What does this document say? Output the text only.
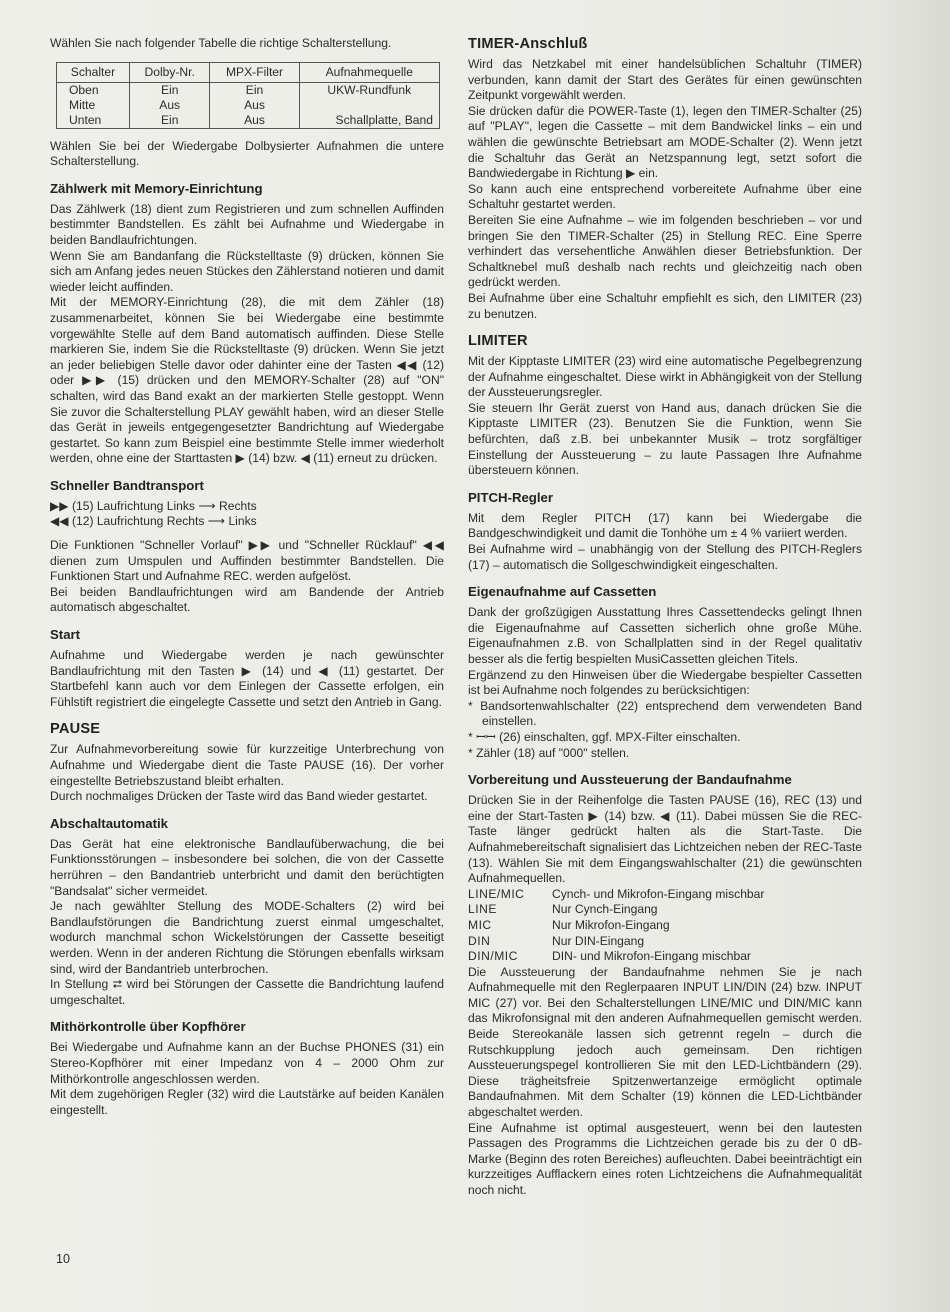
Wählen Sie nach folgender Tabelle die richtige Schalterstellung.

Schalter	Dolby-Nr.	MPX-Filter	Aufnahmequelle
Oben	Ein	Ein	UKW-Rundfunk
Mitte	Aus	Aus	
Unten	Ein	Aus	Schallplatte, Band

Wählen Sie bei der Wiedergabe Dolbysierter Aufnahmen die untere Schalterstellung.

Zählwerk mit Memory-Einrichtung

Das Zählwerk (18) dient zum Registrieren und zum schnellen Auffinden bestimmter Bandstellen. Es zählt bei Aufnahme und Wiedergabe in beiden Bandlaufrichtungen.

Wenn Sie am Bandanfang die Rückstelltaste (9) drücken, können Sie sich am Anfang jedes neuen Stückes den Zählerstand notieren und damit wieder leicht auffinden.

Mit der MEMORY-Einrichtung (28), die mit dem Zähler (18) zusammenarbeitet, können Sie bei Wiedergabe eine bestimmte vorgewählte Stelle auf dem Band automatisch auffinden. Diese Stelle markieren Sie, indem Sie die Rückstelltaste (9) drücken. Wenn Sie jetzt an jeder beliebigen Stelle davor oder dahinter eine der Tasten ◀◀ (12) oder ▶▶ (15) drücken und den MEMORY-Schalter (28) auf "ON" schalten, wird das Band exakt an der markierten Stelle gestoppt. Wenn Sie zuvor die Schalterstellung PLAY gewählt haben, wird an dieser Stelle das Gerät in jeweils entgegengesetzter Bandrichtung auf Wiedergabe gestartet. So kann zum Beispiel eine bestimmte Stelle immer wiederholt werden, ohne eine der Starttasten ▶ (14) bzw. ◀ (11) erneut zu drücken.

Schneller Bandtransport

▶▶ (15) Laufrichtung Links ⟶ Rechts

◀◀ (12) Laufrichtung Rechts ⟶ Links

Die Funktionen "Schneller Vorlauf" ▶▶ und "Schneller Rücklauf" ◀◀ dienen zum Umspulen und Auffinden bestimmter Bandstellen. Die Funktionen Start und Aufnahme REC. werden aufgelöst.

Bei beiden Bandlaufrichtungen wird am Bandende der Antrieb automatisch abgeschaltet.

Start

Aufnahme und Wiedergabe werden je nach gewünschter Bandlaufrichtung mit den Tasten ▶ (14) und ◀ (11) gestartet. Der Startbefehl kann auch vor dem Einlegen der Cassette erfolgen, ein Fühlstift registriert die eingelegte Cassette und setzt den Antrieb in Gang.

PAUSE

Zur Aufnahmevorbereitung sowie für kurzzeitige Unterbrechung von Aufnahme und Wiedergabe dient die Taste PAUSE (16). Der vorher eingestellte Betriebszustand bleibt erhalten.

Durch nochmaliges Drücken der Taste wird das Band wieder gestartet.

Abschaltautomatik

Das Gerät hat eine elektronische Bandlaufüberwachung, die bei Funktionsstörungen – insbesondere bei solchen, die von der Cassette herrühren – den Bandantrieb unterbricht und damit den berüchtigten "Bandsalat" sicher vermeidet.

Je nach gewählter Stellung des MODE-Schalters (2) wird bei Bandlaufstörungen die Bandrichtung zuerst einmal umgeschaltet, wodurch manchmal schon Wickelstörungen der Cassette beseitigt werden. Wenn in der anderen Richtung die Störungen ebenfalls wirksam sind, wird der Bandantrieb unterbrochen.

In Stellung ⮂ wird bei Störungen der Cassette die Bandrichtung laufend umgeschaltet.

Mithörkontrolle über Kopfhörer

Bei Wiedergabe und Aufnahme kann an der Buchse PHONES (31) ein Stereo-Kopfhörer mit einer Impedanz von 4 – 2000 Ohm zur Mithörkontrolle angeschlossen werden.

Mit dem zugehörigen Regler (32) wird die Lautstärke auf beiden Kanälen eingestellt.

10
TIMER-Anschluß

Wird das Netzkabel mit einer handelsüblichen Schaltuhr (TIMER) verbunden, kann damit der Start des Gerätes für einen gewünschten Zeitpunkt vorgewählt werden.

Sie drücken dafür die POWER-Taste (1), legen den TIMER-Schalter (25) auf "PLAY", legen die Cassette – mit dem Bandwickel links – ein und wählen die gewünschte Betriebsart am MODE-Schalter (2). Wenn jetzt die Schaltuhr das Gerät an Netzspannung legt, setzt sofort die Bandwiedergabe in Richtung ▶ ein.

So kann auch eine entsprechend vorbereitete Aufnahme über eine Schaltuhr gestartet werden.

Bereiten Sie eine Aufnahme – wie im folgenden beschrieben – vor und bringen Sie den TIMER-Schalter (25) in Stellung REC. Eine Sperre verhindert das versehentliche Anwählen dieser Betriebsfunktion. Der Schaltknebel muß deshalb nach rechts und gleichzeitig nach oben gedrückt werden.

Bei Aufnahme über eine Schaltuhr empfiehlt es sich, den LIMITER (23) zu benutzen.

LIMITER

Mit der Kipptaste LIMITER (23) wird eine automatische Pegelbegrenzung der Aufnahme eingeschaltet. Diese wirkt in Abhängigkeit von der Stellung der Aussteuerungsregler.

Sie steuern Ihr Gerät zuerst von Hand aus, danach drücken Sie die Kipptaste LIMITER (23). Benutzen Sie die Funktion, wenn Sie befürchten, daß z.B. bei unbekannter Musik – trotz sorgfältiger Einstellung der Aussteuerung – zu laute Passagen Ihre Aufnahme übersteuern können.

PITCH-Regler

Mit dem Regler PITCH (17) kann bei Wiedergabe die Bandgeschwindigkeit und damit die Tonhöhe um ± 4 % variiert werden.

Bei Aufnahme wird – unabhängig von der Stellung des PITCH-Reglers (17) – automatisch die Sollgeschwindigkeit eingeschalten.

Eigenaufnahme auf Cassetten

Dank der großzügigen Ausstattung Ihres Cassettendecks gelingt Ihnen die Eigenaufnahme auf Cassetten sicherlich ohne große Mühe. Eigenaufnahmen z.B. von Schallplatten sind in der Regel qualitativ besser als die fertig bespielten MusiCassetten gleichen Titels.

Ergänzend zu den Hinweisen über die Wiedergabe bespielter Cassetten ist bei Aufnahme noch folgendes zu berücksichtigen:

* Bandsortenwahlschalter (22) entsprechend dem verwendeten Band einstellen.

* ꟷꟷ (26) einschalten, ggf. MPX-Filter einschalten.

* Zähler (18) auf "000" stellen.

Vorbereitung und Aussteuerung der Bandaufnahme

Drücken Sie in der Reihenfolge die Tasten PAUSE (16), REC (13) und eine der Start-Tasten ▶ (14) bzw. ◀ (11). Dabei müssen Sie die REC-Taste länger gedrückt halten als die Start-Taste. Die Aufnahmebereitschaft signalisiert das Lichtzeichen neben der REC-Taste (13). Wählen Sie mit dem Eingangswahlschalter (21) die gewünschten Aufnahmequellen.

LINE/MIC	Cynch- und Mikrofon-Eingang mischbar
LINE	Nur Cynch-Eingang
MIC	Nur Mikrofon-Eingang
DIN	Nur DIN-Eingang
DIN/MIC	DIN- und Mikrofon-Eingang mischbar

Die Aussteuerung der Bandaufnahme nehmen Sie je nach Aufnahmequelle mit den Reglerpaaren INPUT LIN/DIN (24) bzw. INPUT MIC (27) vor. Bei den Schalterstellungen LINE/MIC und DIN/MIC kann das Mikrofonsignal mit den anderen Aufnahmequellen gemischt werden. Beide Stereokanäle lassen sich getrennt regeln – durch die Rutschkupplung jedoch auch gemeinsam. Den richtigen Aussteuerungspegel kontrollieren Sie mit den LED-Lichtbändern (29). Diese trägheitsfreie Spitzenwertanzeige ermöglicht optimale Bandaufnahmen. Mit dem Schalter (19) können die LED-Lichtbänder abgeschaltet werden.

Eine Aufnahme ist optimal ausgesteuert, wenn bei den lautesten Passagen des Programms die Lichtzeichen gerade bis zu der 0 dB-Marke (Beginn des roten Bereiches) aufleuchten. Dabei beeinträchtigt ein kurzzeitiges Aufflackern eines roten Lichtzeichens die Aufnahmequalität noch nicht.
